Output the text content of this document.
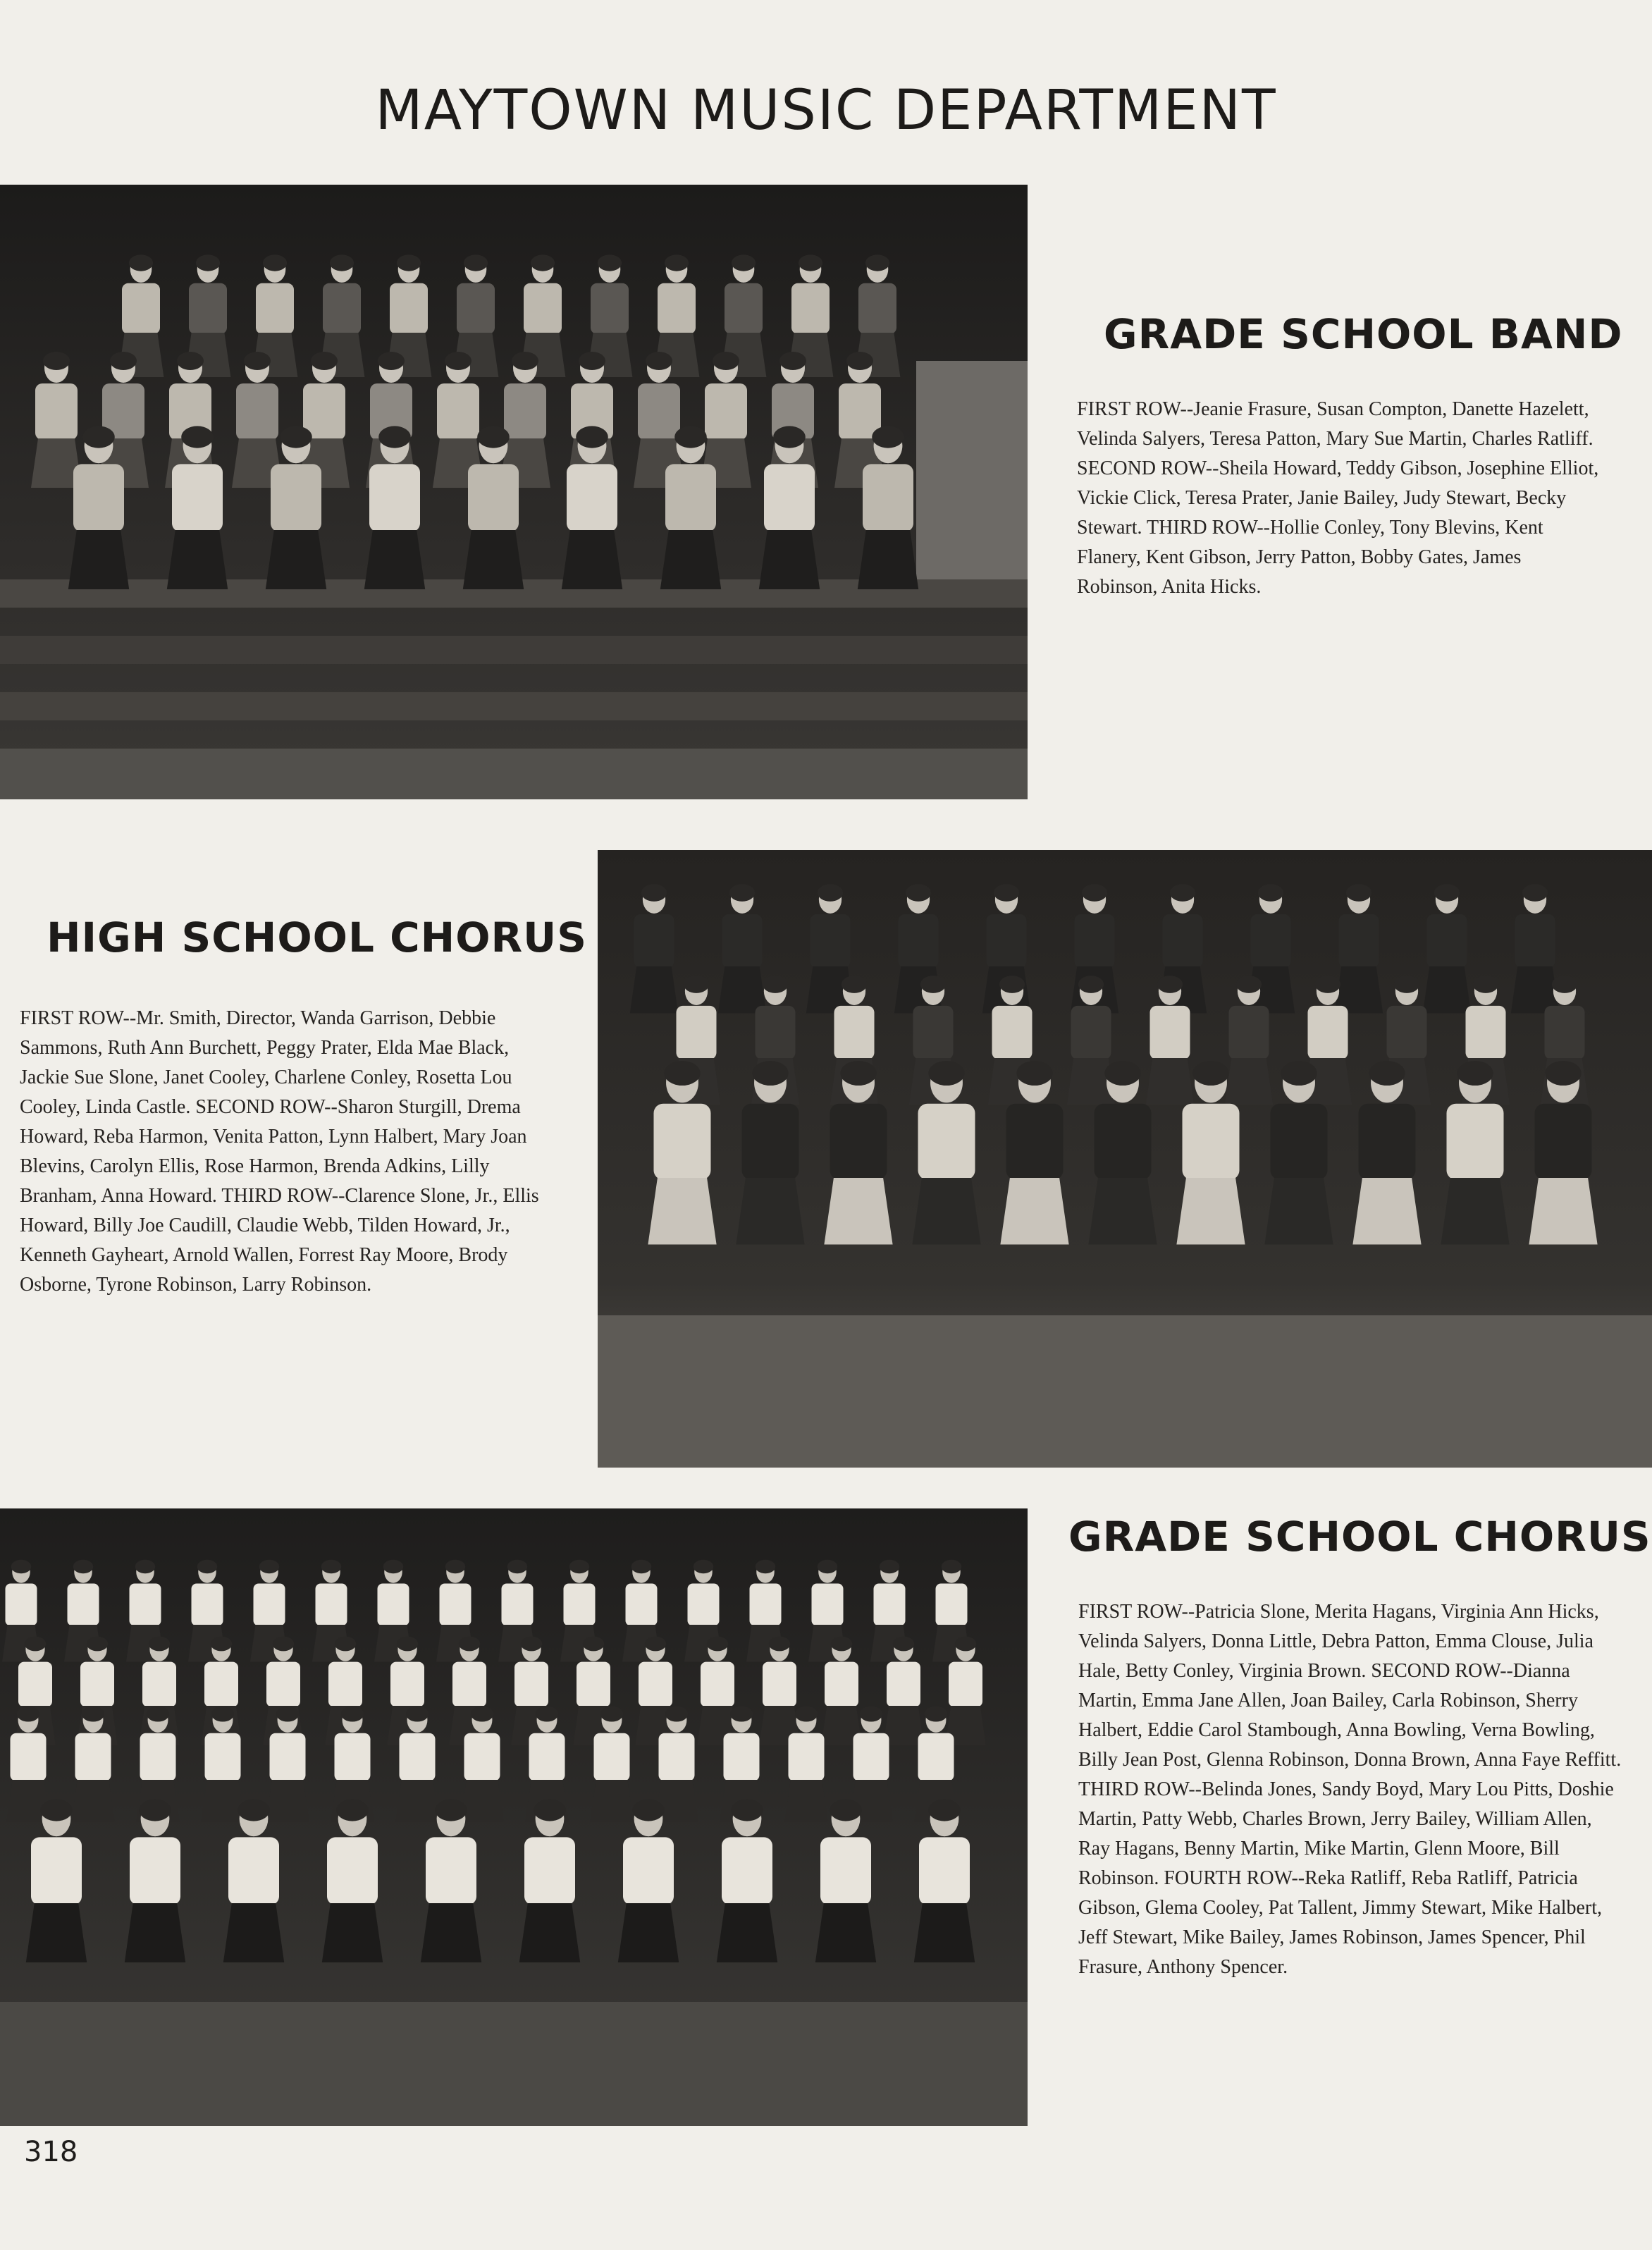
MAYTOWN MUSIC DEPARTMENT
GRADE SCHOOL BAND
FIRST ROW--Jeanie Frasure, Susan Compton, Danette Hazelett, Velinda Salyers, Teresa Patton, Mary Sue Martin, Charles Ratliff. SECOND ROW--Sheila Howard, Teddy Gibson, Josephine Elliot, Vickie Click, Teresa Prater, Janie Bailey, Judy Stewart, Becky Stewart. THIRD ROW--Hollie Conley, Tony Blevins, Kent Flanery, Kent Gibson, Jerry Patton, Bobby Gates, James Robinson, Anita Hicks.
HIGH SCHOOL CHORUS
FIRST ROW--Mr. Smith, Director, Wanda Garrison, Debbie Sammons, Ruth Ann Burchett, Peggy Prater, Elda Mae Black, Jackie Sue Slone, Janet Cooley, Charlene Conley, Rosetta Lou Cooley, Linda Castle. SECOND ROW--Sharon Sturgill, Drema Howard, Reba Harmon, Venita Patton, Lynn Halbert, Mary Joan Blevins, Carolyn Ellis, Rose Harmon, Brenda Adkins, Lilly Branham, Anna Howard. THIRD ROW--Clarence Slone, Jr., Ellis Howard, Billy Joe Caudill, Claudie Webb, Tilden Howard, Jr., Kenneth Gayheart, Arnold Wallen, Forrest Ray Moore, Brody Osborne, Tyrone Robinson, Larry Robinson.
GRADE SCHOOL CHORUS
FIRST ROW--Patricia Slone, Merita Hagans, Virginia Ann Hicks, Velinda Salyers, Donna Little, Debra Patton, Emma Clouse, Julia Hale, Betty Conley, Virginia Brown. SECOND ROW--Dianna Martin, Emma Jane Allen, Joan Bailey, Carla Robinson, Sherry Halbert, Eddie Carol Stambough, Anna Bowling, Verna Bowling, Billy Jean Post, Glenna Robinson, Donna Brown, Anna Faye Reffitt. THIRD ROW--Belinda Jones, Sandy Boyd, Mary Lou Pitts, Doshie Martin, Patty Webb, Charles Brown, Jerry Bailey, William Allen, Ray Hagans, Benny Martin, Mike Martin, Glenn Moore, Bill Robinson. FOURTH ROW--Reka Ratliff, Reba Ratliff, Patricia Gibson, Glema Cooley, Pat Tallent, Jimmy Stewart, Mike Halbert, Jeff Stewart, Mike Bailey, James Robinson, James Spencer, Phil Frasure, Anthony Spencer.
318
